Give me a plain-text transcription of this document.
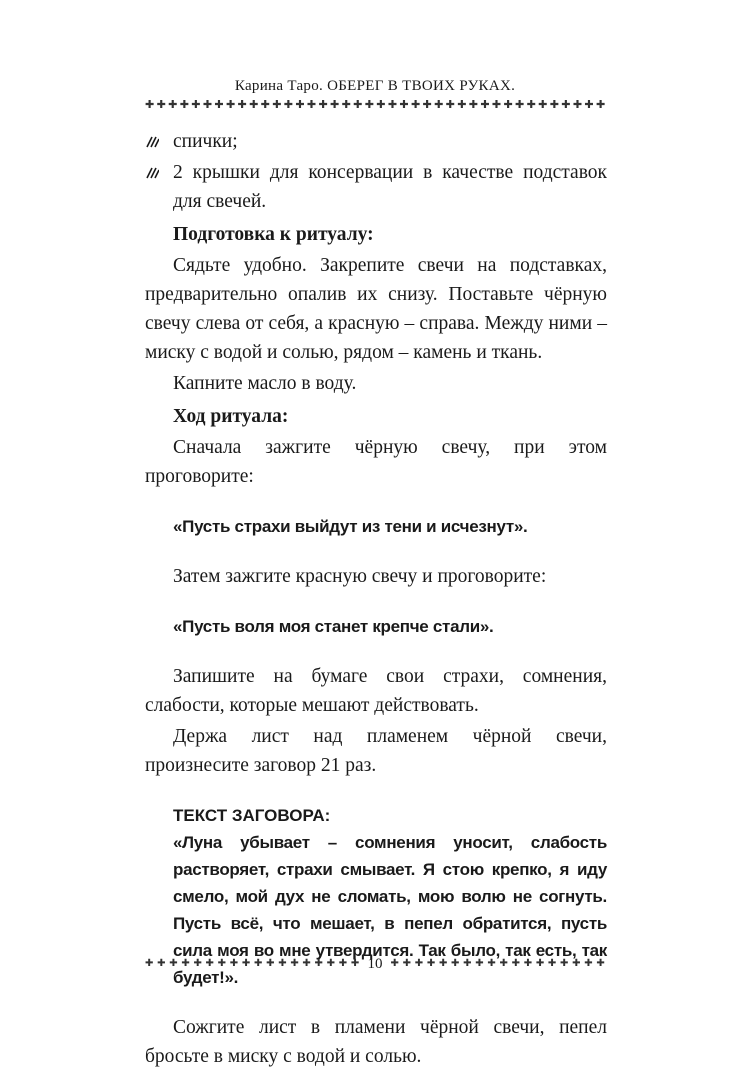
Карина Таро. ОБЕРЕГ В ТВОИХ РУКАХ.
✚ ✚ ✚ ✚ ✚ ✚ ✚ ✚ ✚ ✚ ✚ ✚ ✚ ✚ ✚ ✚ ✚ ✚ ✚ ✚ ✚ ✚ ✚ ✚ ✚ ✚ ✚ ✚ ✚ ✚ ✚ ✚ ✚ ✚ ✚ ✚ ✚ ✚ ✚ ✚
спички;
2 крышки для консервации в качестве подставок для свечей.
Подготовка к ритуалу:

Сядьте удобно. Закрепите свечи на подставках, предварительно опалив их снизу. Поставьте чёрную свечу слева от себя, а красную – справа. Между ними – миску с водой и солью, рядом – камень и ткань.

Капните масло в воду.

Ход ритуала:

Сначала зажгите чёрную свечу, при этом проговорите:

«Пусть страхи выйдут из тени и исчезнут».

Затем зажгите красную свечу и проговорите:

«Пусть воля моя станет крепче стали».

Запишите на бумаге свои страхи, сомнения, слабости, которые мешают действовать.

Держа лист над пламенем чёрной свечи, произнесите заговор 21 раз.

ТЕКСТ ЗАГОВОРА:
«Луна убывает – сомнения уносит, слабость растворяет, страхи смывает. Я стою крепко, я иду смело, мой дух не сломать, мою волю не согнуть. Пусть всё, что мешает, в пепел обратится, пусть сила моя во мне утвердится. Так было, так есть, так будет!».

Сожгите лист в пламени чёрной свечи, пепел бросьте в миску с водой и солью.

✚ ✚ ✚ ✚ ✚ ✚ ✚ ✚ ✚ ✚ ✚ ✚ ✚ ✚ ✚ ✚ ✚ ✚ 10 ✚ ✚ ✚ ✚ ✚ ✚ ✚ ✚ ✚ ✚ ✚ ✚ ✚ ✚ ✚ ✚ ✚ ✚
